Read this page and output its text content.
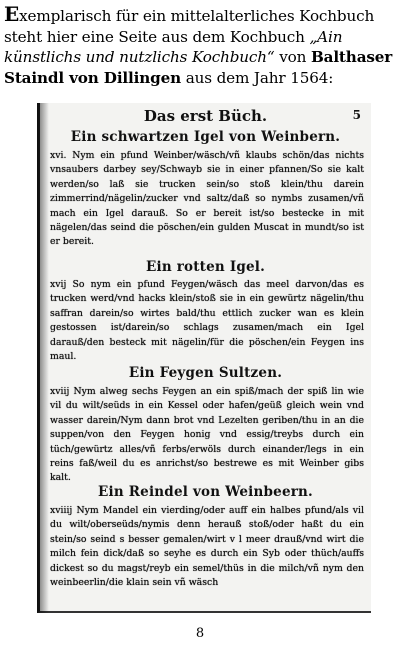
Exemplarisch für ein mittelalterliches Kochbuch steht hier eine Seite aus dem Kochbuch „Ain künstlichs und nutzlichs Kochbuch“ von Balthaser Staindl von Dillingen aus dem Jahr 1564:

Das erst Büch.	5
Ein schwartzen Igel von Weinbern.

xvi. Nym ein pfund Weinber/wäsch/vñ klaubs schön/das nichts vnsaubers darbey sey/Schwayb sie in einer pfannen/So sie kalt werden/so laß sie trucken sein/so stoß klein/thu darein zimmerrind/nägelin/zucker vnd saltz/daß so nymbs zusamen/vñ mach ein Igel darauß. So er bereit ist/so bestecke in mit nägelen/das seind die pöschen/ein gulden Muscat in mundt/so ist er bereit.

Ein rotten Igel.

xvij So nym ein pfund Feygen/wäsch das meel darvon/das es trucken werd/vnd hacks klein/stoß sie in ein gewürtz nägelin/thu saffran darein/so wirtes bald/thu ettlich zucker wan es klein gestossen ist/darein/so schlags zusamen/mach ein Igel darauß/den besteck mit nägelin/für die pöschen/ein Feygen ins maul.

Ein Feygen Sultzen.

xviij Nym alweg sechs Feygen an ein spiß/mach der spiß lin wie vil du wilt/seüds in ein Kessel oder hafen/geüß gleich wein vnd wasser darein/Nym dann brot vnd Lezelten geriben/thu in an die suppen/von den Feygen honig vnd essig/treybs durch ein tüch/gewürtz alles/vñ ferbs/erwöls durch einander/legs in ein reins faß/weil du es anrichst/so bestrewe es mit Weinber gibs kalt.

Ein Reindel von Weinbeern.

xviiij Nym Mandel ein vierding/oder auff ein halbes pfund/als vil du wilt/oberseüds/nymis denn herauß stoß/oder haßt du ein stein/so seind s besser gemalen/wirt v l meer drauß/vnd wirt die milch fein dick/daß so seyhe es durch ein Syb oder thüch/auffs dickest so du magst/reyb ein semel/thüs in die milch/vñ nym den weinbeerlin/die klain sein vñ wäsch

8
